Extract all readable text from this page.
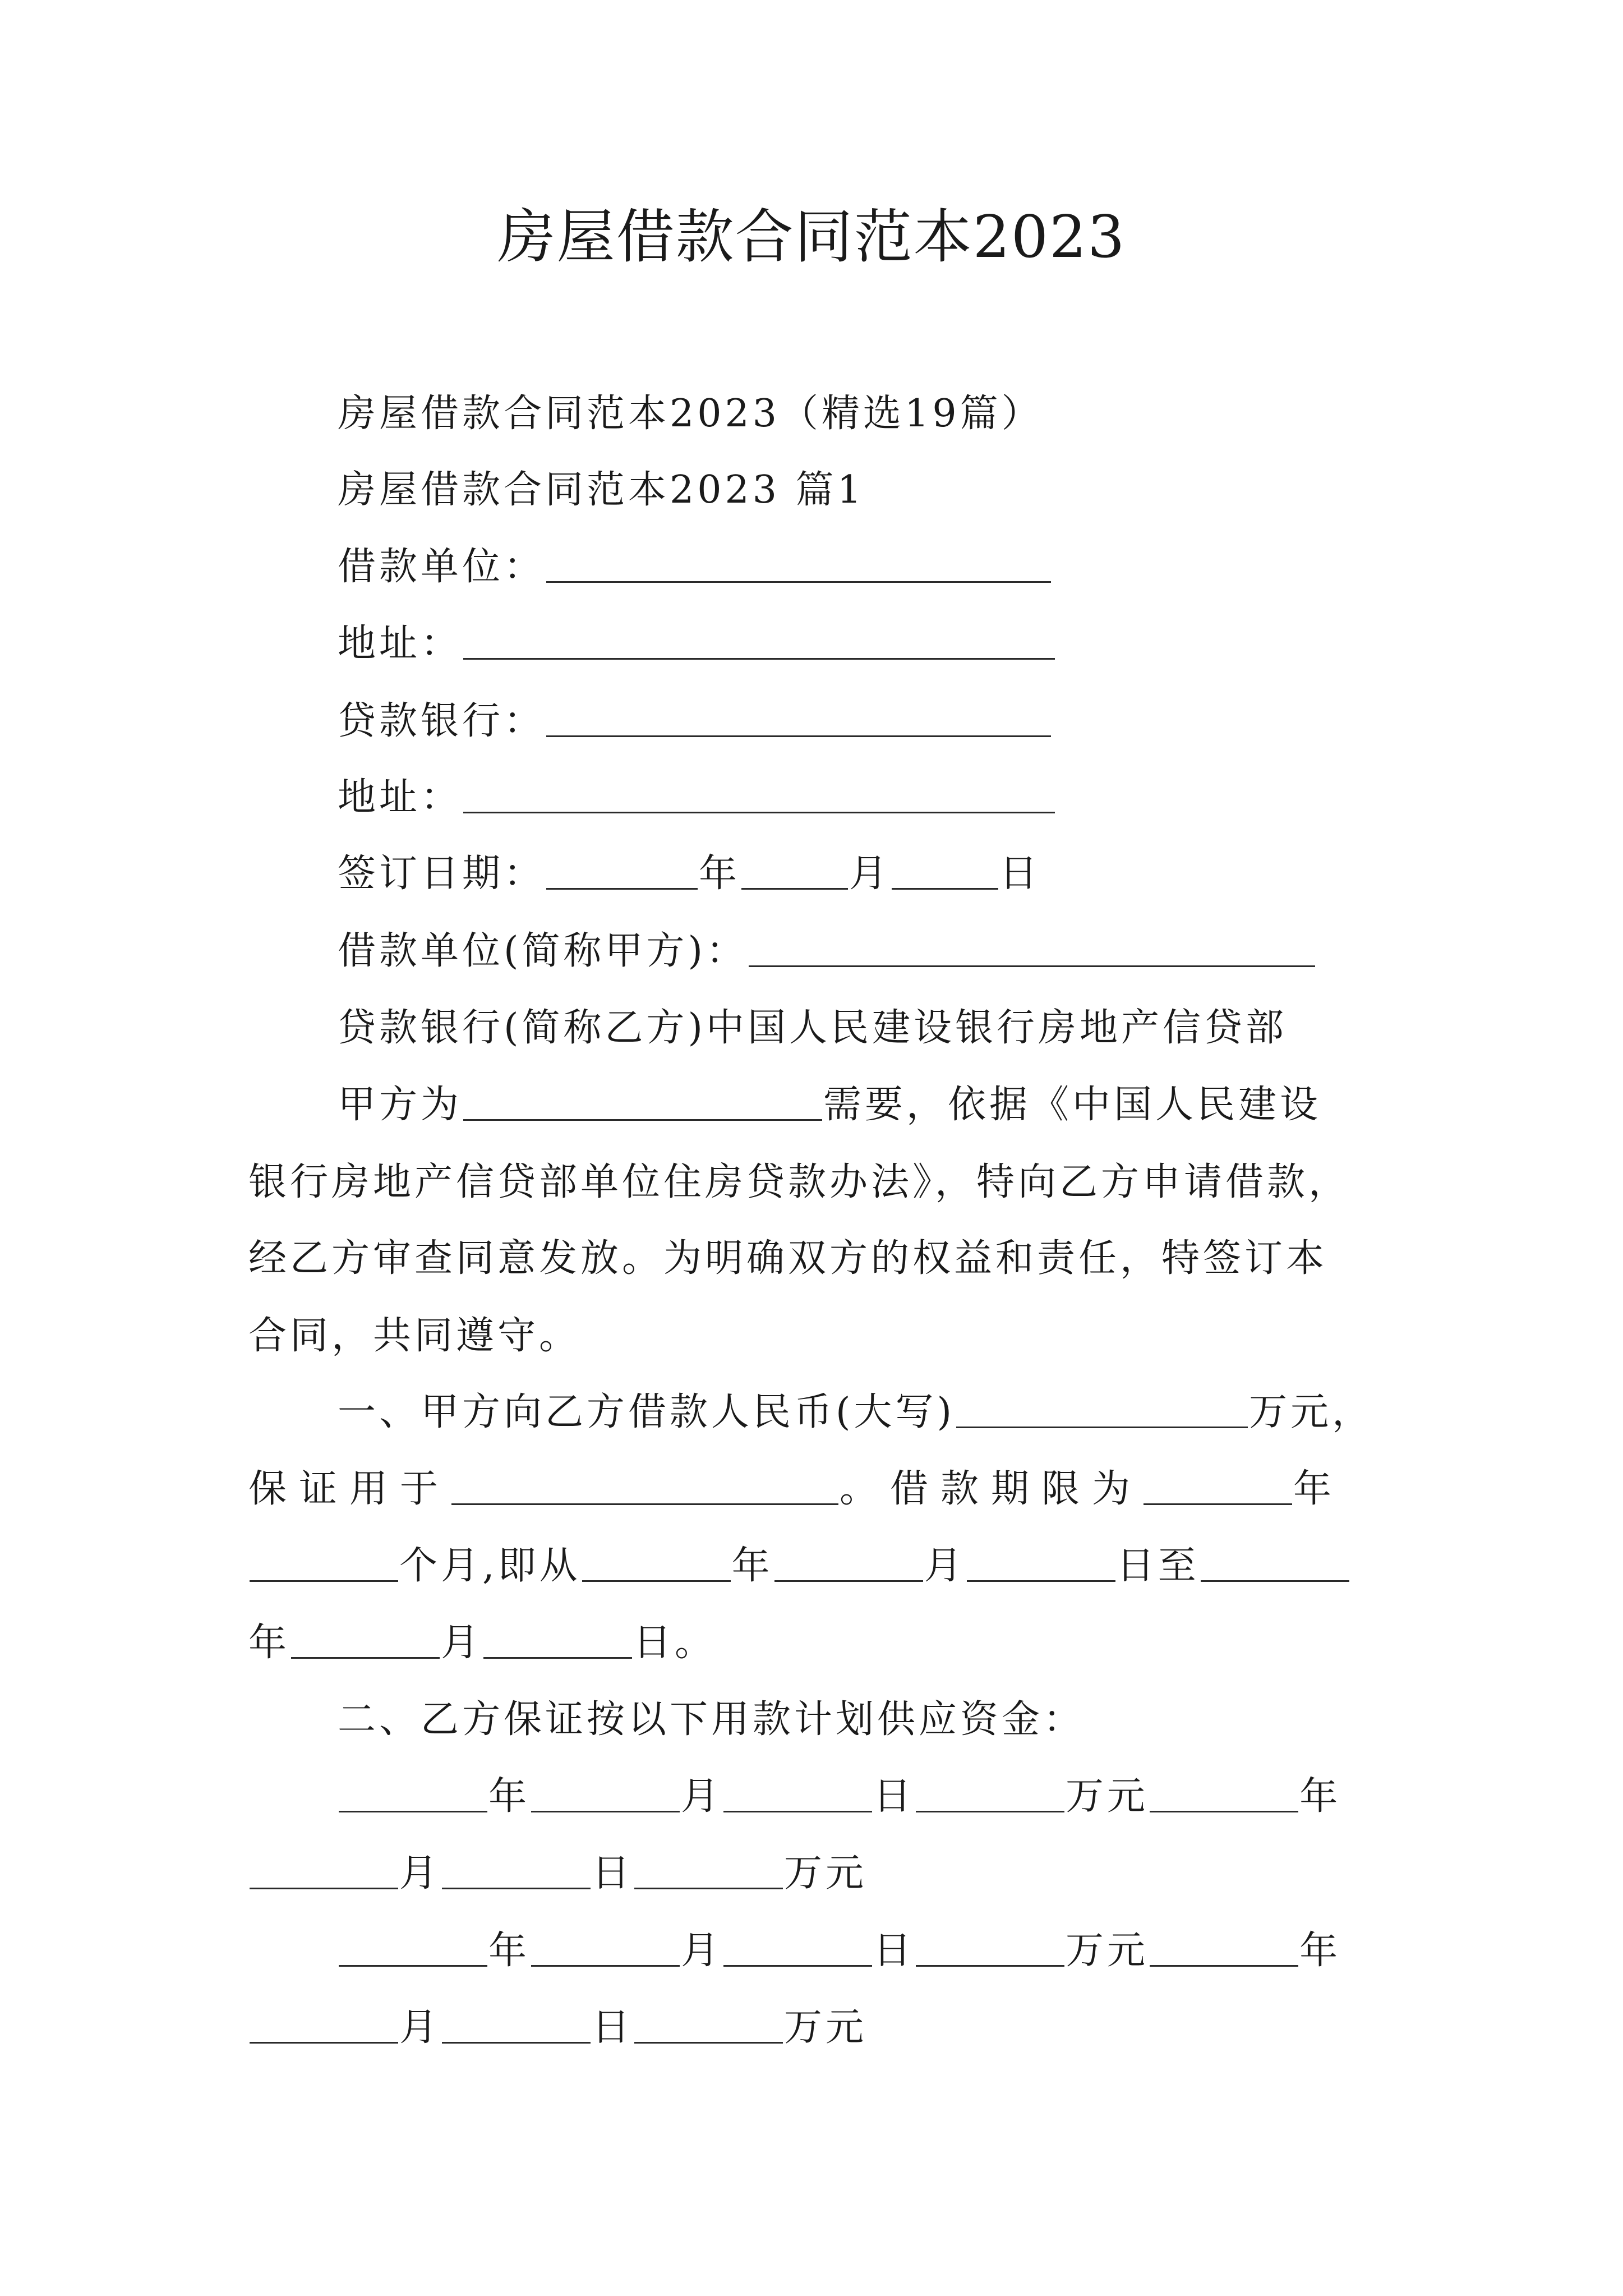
房屋借款合同范本2023
房屋借款合同范本2023（精选19篇）
房屋借款合同范本2023 篇1
借款单位：
地址：
贷款银行：
地址：
签订日期：	年	月	日
借款单位(简称甲方)：
贷款银行(简称乙方)中国人民建设银行房地产信贷部
甲方为	需要，依据《中国人民建设
银行房地产信贷部单位住房贷款办法》，特向乙方申请借款，
经乙方审查同意发放。为明确双方的权益和责任，特签订本
合同，共同遵守。
一、甲方向乙方借款人民币(大写)	万元，
保证用于	。借款期限为	年
个月,即从	年	月	日至
年	月	日。
二、乙方保证按以下用款计划供应资金：
年	月	日	万元	年
月	日	万元
年	月	日	万元	年
月	日	万元
